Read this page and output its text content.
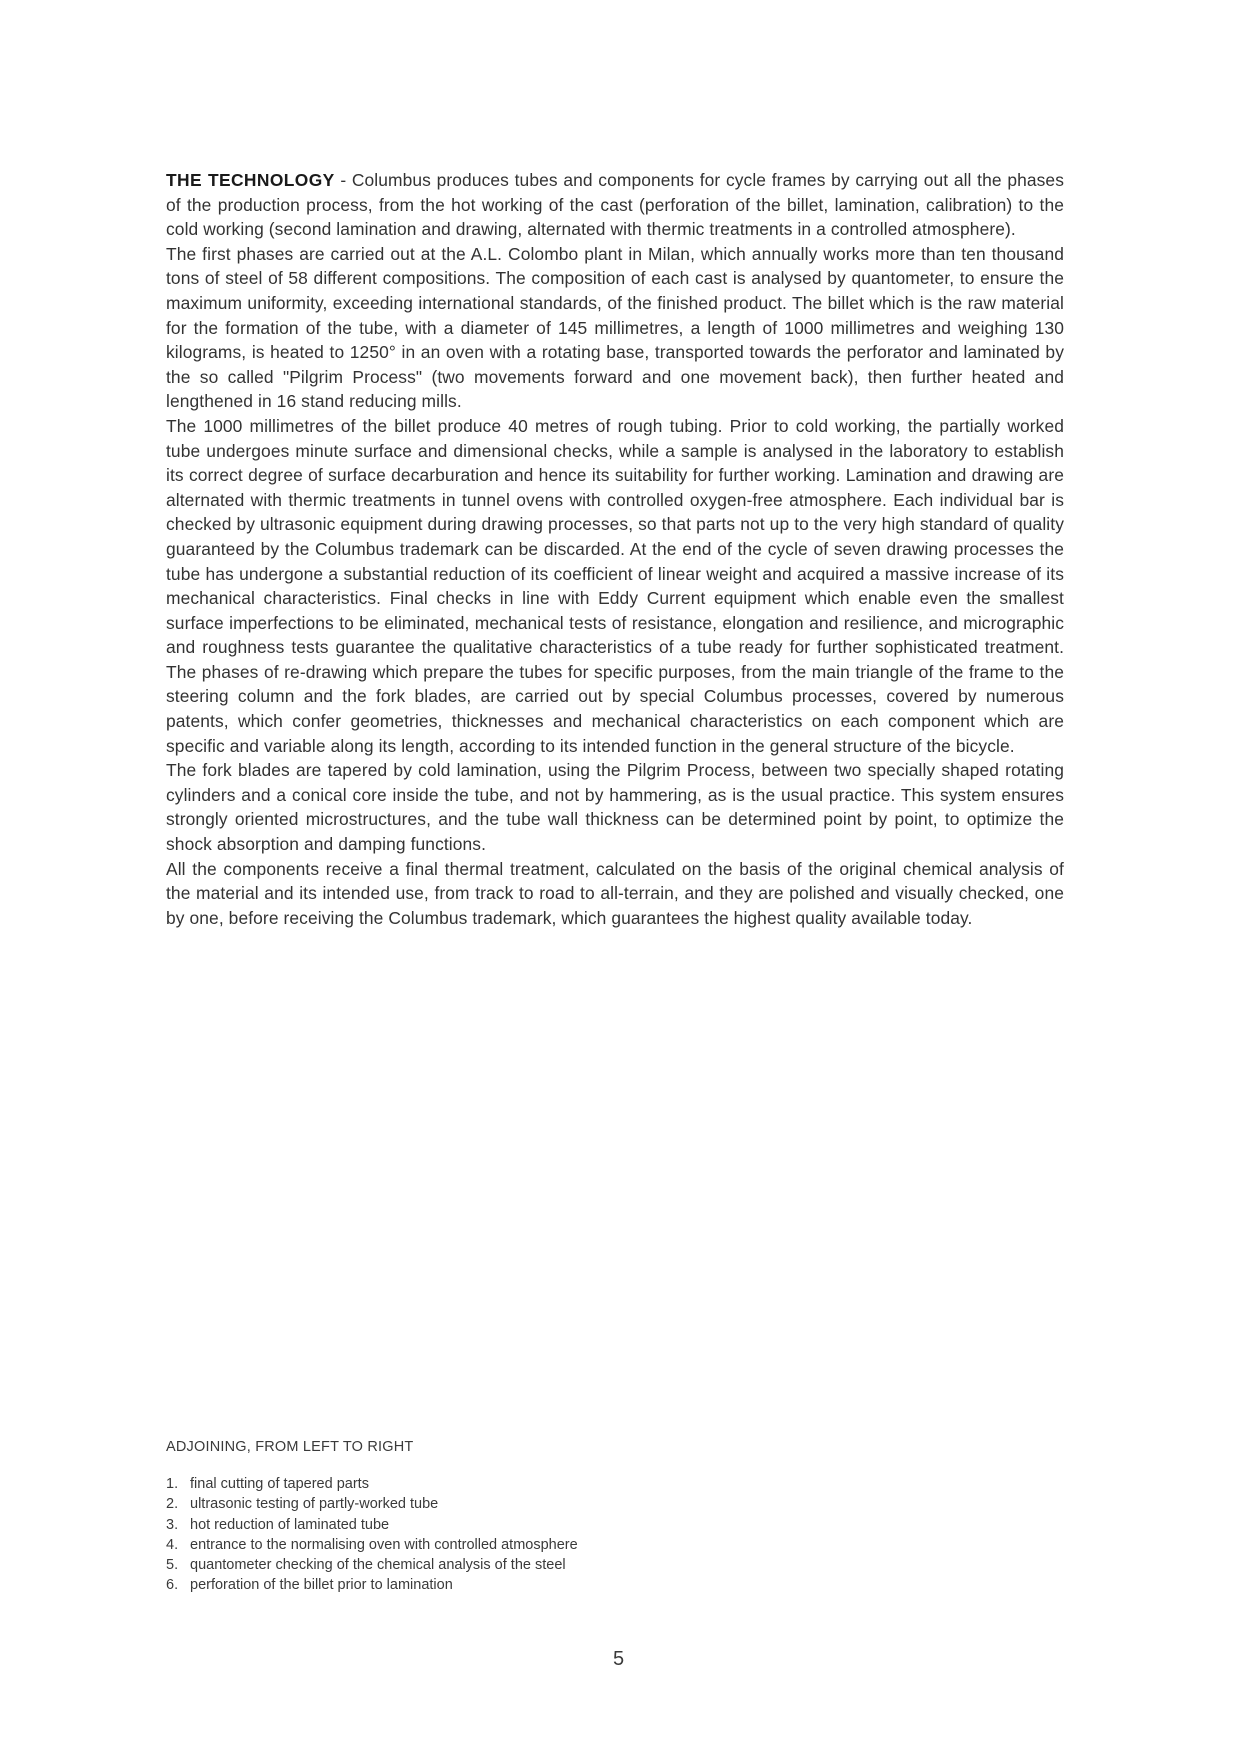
THE TECHNOLOGY - Columbus produces tubes and components for cycle frames by carrying out all the phases of the production process, from the hot working of the cast (perforation of the billet, lamination, calibration) to the cold working (second lamination and drawing, alternated with thermic treatments in a controlled atmosphere).

The first phases are carried out at the A.L. Colombo plant in Milan, which annually works more than ten thousand tons of steel of 58 different compositions. The composition of each cast is analysed by quantometer, to ensure the maximum uniformity, exceeding international standards, of the finished product. The billet which is the raw material for the formation of the tube, with a diameter of 145 millimetres, a length of 1000 millimetres and weighing 130 kilograms, is heated to 1250° in an oven with a rotating base, transported towards the perforator and laminated by the so called "Pilgrim Process" (two movements forward and one movement back), then further heated and lengthened in 16 stand reducing mills.

The 1000 millimetres of the billet produce 40 metres of rough tubing. Prior to cold working, the partially worked tube undergoes minute surface and dimensional checks, while a sample is analysed in the laboratory to establish its correct degree of surface decarburation and hence its suitability for further working. Lamination and drawing are alternated with thermic treatments in tunnel ovens with controlled oxygen-free atmosphere. Each individual bar is checked by ultrasonic equipment during drawing processes, so that parts not up to the very high standard of quality guaranteed by the Columbus trademark can be discarded. At the end of the cycle of seven drawing processes the tube has undergone a substantial reduction of its coefficient of linear weight and acquired a massive increase of its mechanical characteristics. Final checks in line with Eddy Current equipment which enable even the smallest surface imperfections to be eliminated, mechanical tests of resistance, elongation and resilience, and micrographic and roughness tests guarantee the qualitative characteristics of a tube ready for further sophisticated treatment. The phases of re-drawing which prepare the tubes for specific purposes, from the main triangle of the frame to the steering column and the fork blades, are carried out by special Columbus processes, covered by numerous patents, which confer geometries, thicknesses and mechanical characteristics on each component which are specific and variable along its length, according to its intended function in the general structure of the bicycle.

The fork blades are tapered by cold lamination, using the Pilgrim Process, between two specially shaped rotating cylinders and a conical core inside the tube, and not by hammering, as is the usual practice. This system ensures strongly oriented microstructures, and the tube wall thickness can be determined point by point, to optimize the shock absorption and damping functions.

All the components receive a final thermal treatment, calculated on the basis of the original chemical analysis of the material and its intended use, from track to road to all-terrain, and they are polished and visually checked, one by one, before receiving the Columbus trademark, which guarantees the highest quality available today.

ADJOINING, FROM LEFT TO RIGHT
1. final cutting of tapered parts
2. ultrasonic testing of partly-worked tube
3. hot reduction of laminated tube
4. entrance to the normalising oven with controlled atmosphere
5. quantometer checking of the chemical analysis of the steel
6. perforation of the billet prior to lamination
5
